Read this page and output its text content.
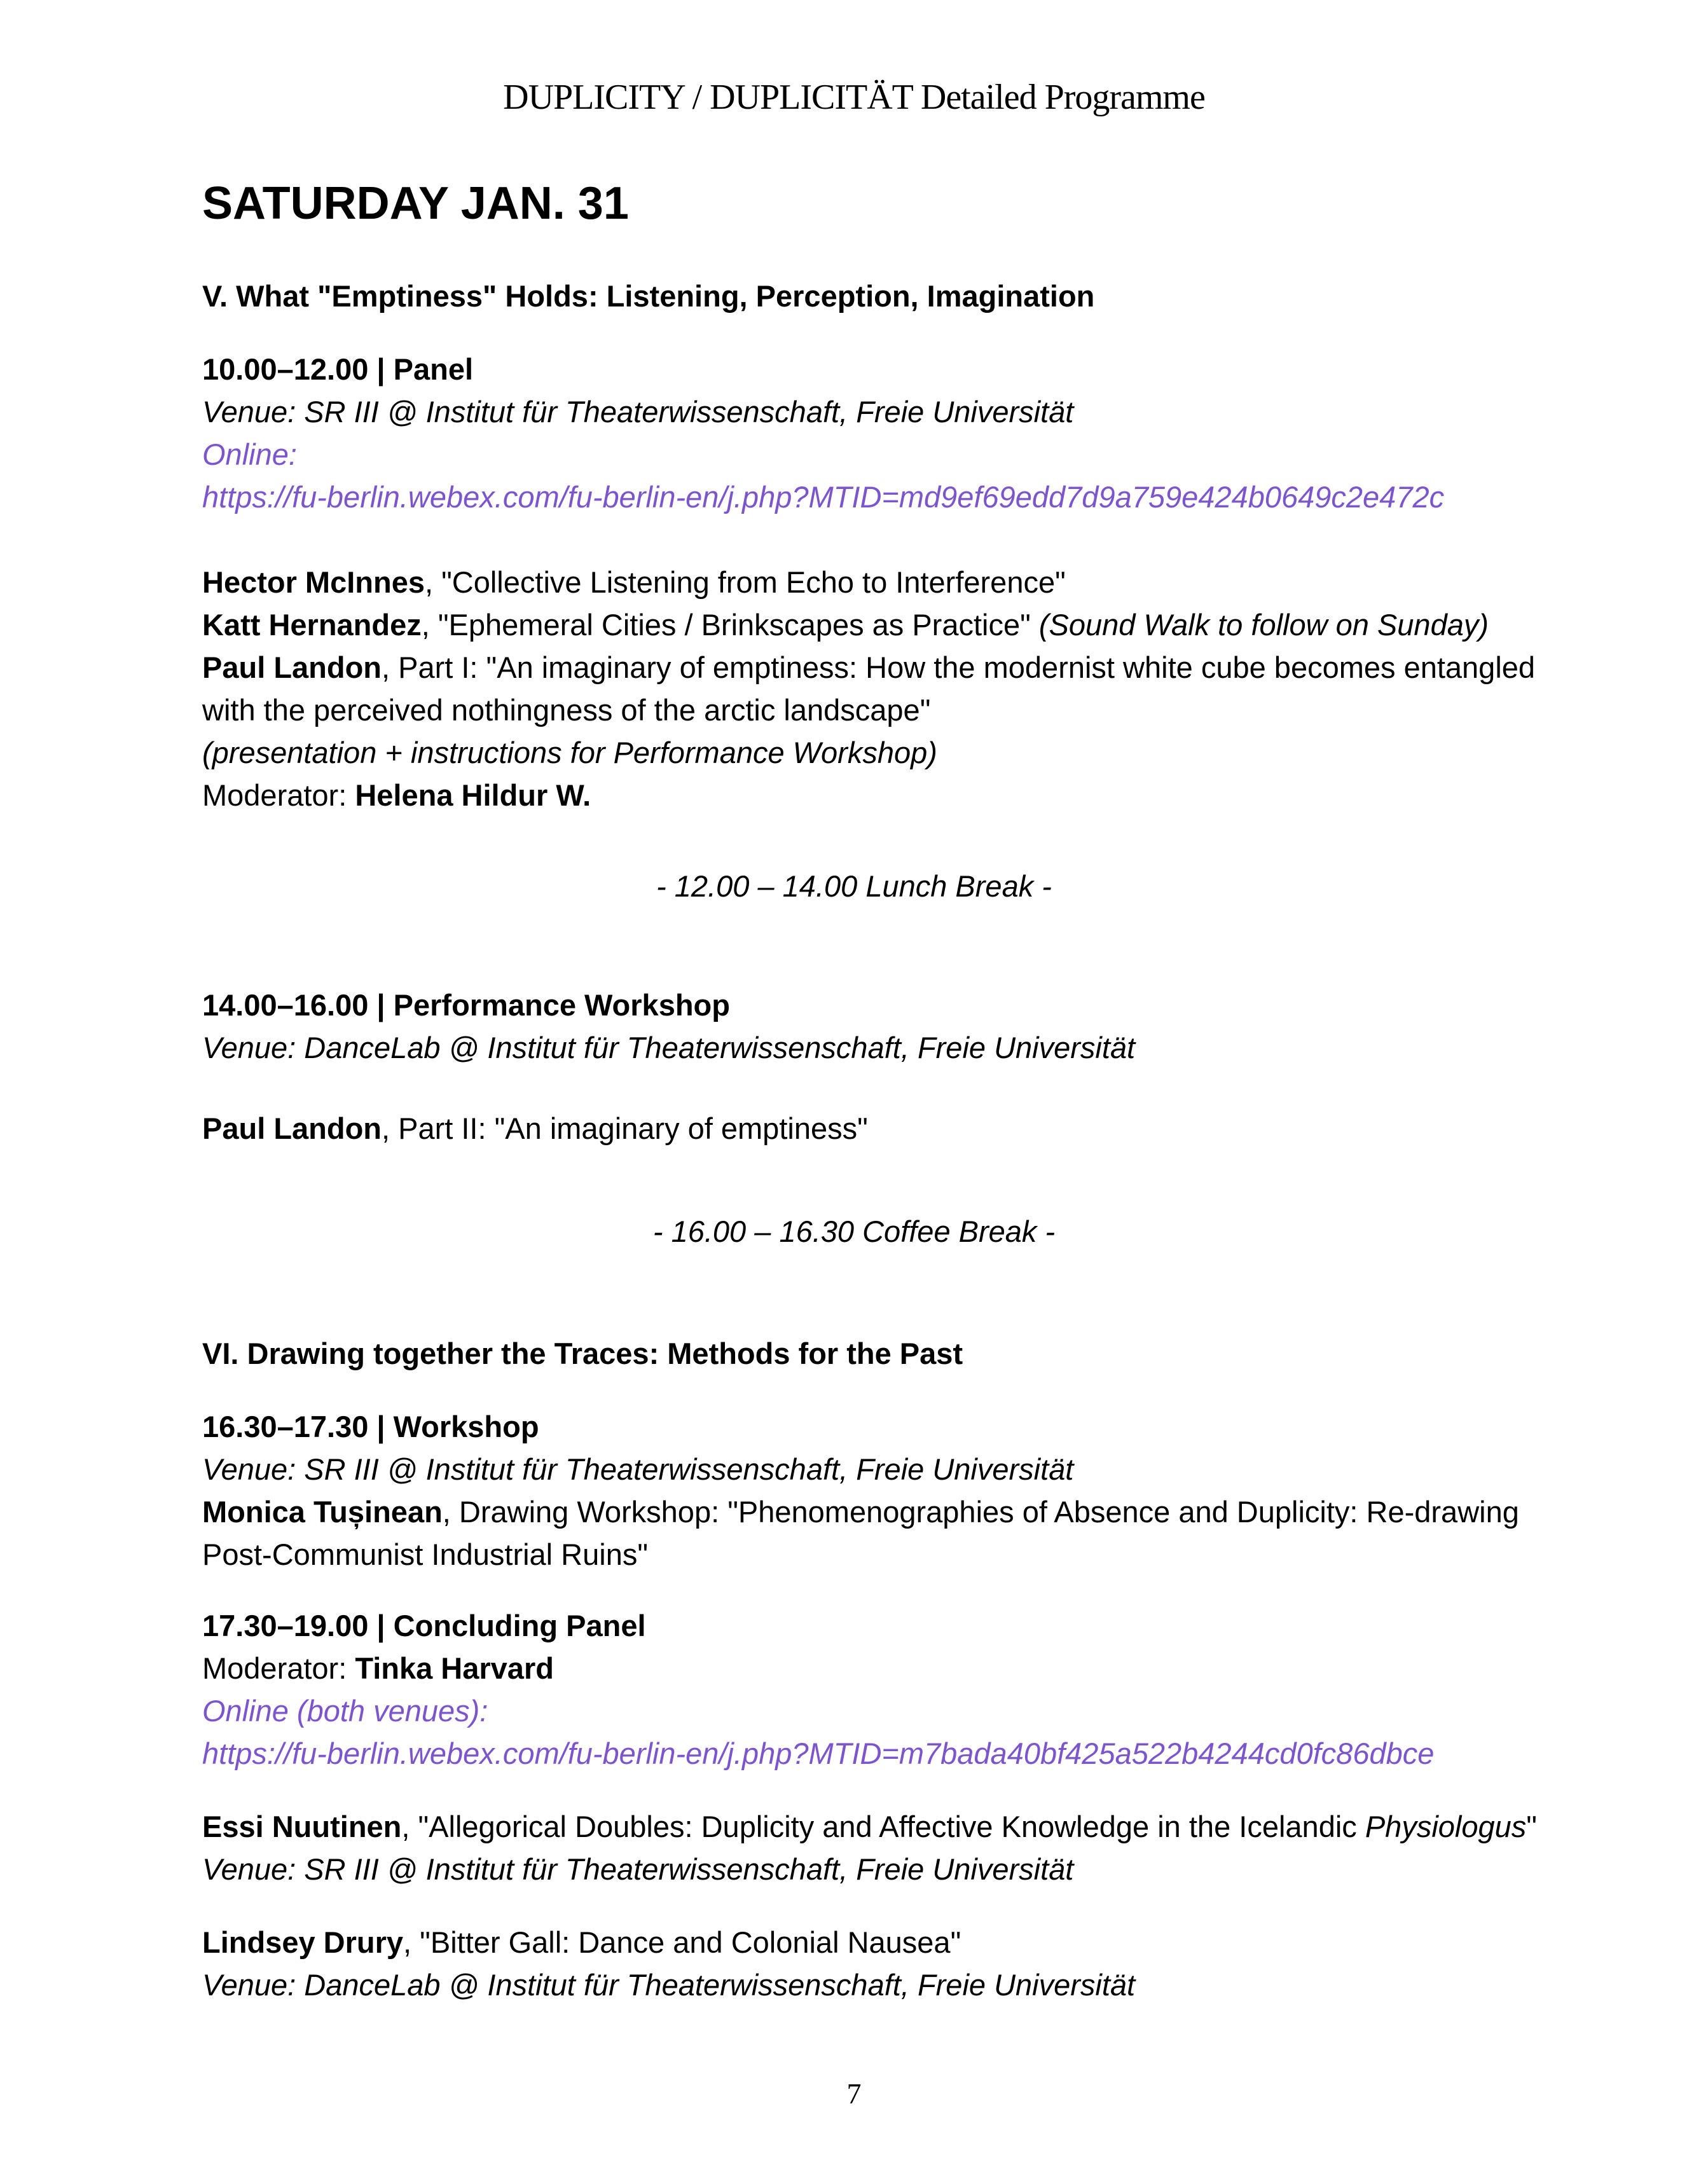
DUPLICITY / DUPLICITÄT Detailed Programme

SATURDAY JAN. 31
V. What "Emptiness" Holds: Listening, Perception, Imagination

10.00–12.00 | Panel

Venue: SR III @ Institut für Theaterwissenschaft, Freie Universität

Online:

https://fu-berlin.webex.com/fu-berlin-en/j.php?MTID=md9ef69edd7d9a759e424b0649c2e472c

Hector McInnes, "Collective Listening from Echo to Interference"

Katt Hernandez, "Ephemeral Cities / Brinkscapes as Practice" (Sound Walk to follow on Sunday)

Paul Landon, Part I: "An imaginary of emptiness: How the modernist white cube becomes entangled with the perceived nothingness of the arctic landscape"

(presentation + instructions for Performance Workshop)

Moderator: Helena Hildur W.

- 12.00 – 14.00 Lunch Break -

14.00–16.00 | Performance Workshop

Venue: DanceLab @ Institut für Theaterwissenschaft, Freie Universität

Paul Landon, Part II: "An imaginary of emptiness"

- 16.00 – 16.30 Coffee Break -

VI. Drawing together the Traces: Methods for the Past

16.30–17.30 | Workshop

Venue: SR III @ Institut für Theaterwissenschaft, Freie Universität

Monica Tușinean, Drawing Workshop: "Phenomenographies of Absence and Duplicity: Re-drawing Post-Communist Industrial Ruins"

17.30–19.00 | Concluding Panel

Moderator: Tinka Harvard

Online (both venues):

https://fu-berlin.webex.com/fu-berlin-en/j.php?MTID=m7bada40bf425a522b4244cd0fc86dbce

Essi Nuutinen, "Allegorical Doubles: Duplicity and Affective Knowledge in the Icelandic Physiologus"

Venue: SR III @ Institut für Theaterwissenschaft, Freie Universität

Lindsey Drury, "Bitter Gall: Dance and Colonial Nausea"

Venue: DanceLab @ Institut für Theaterwissenschaft, Freie Universität

7
